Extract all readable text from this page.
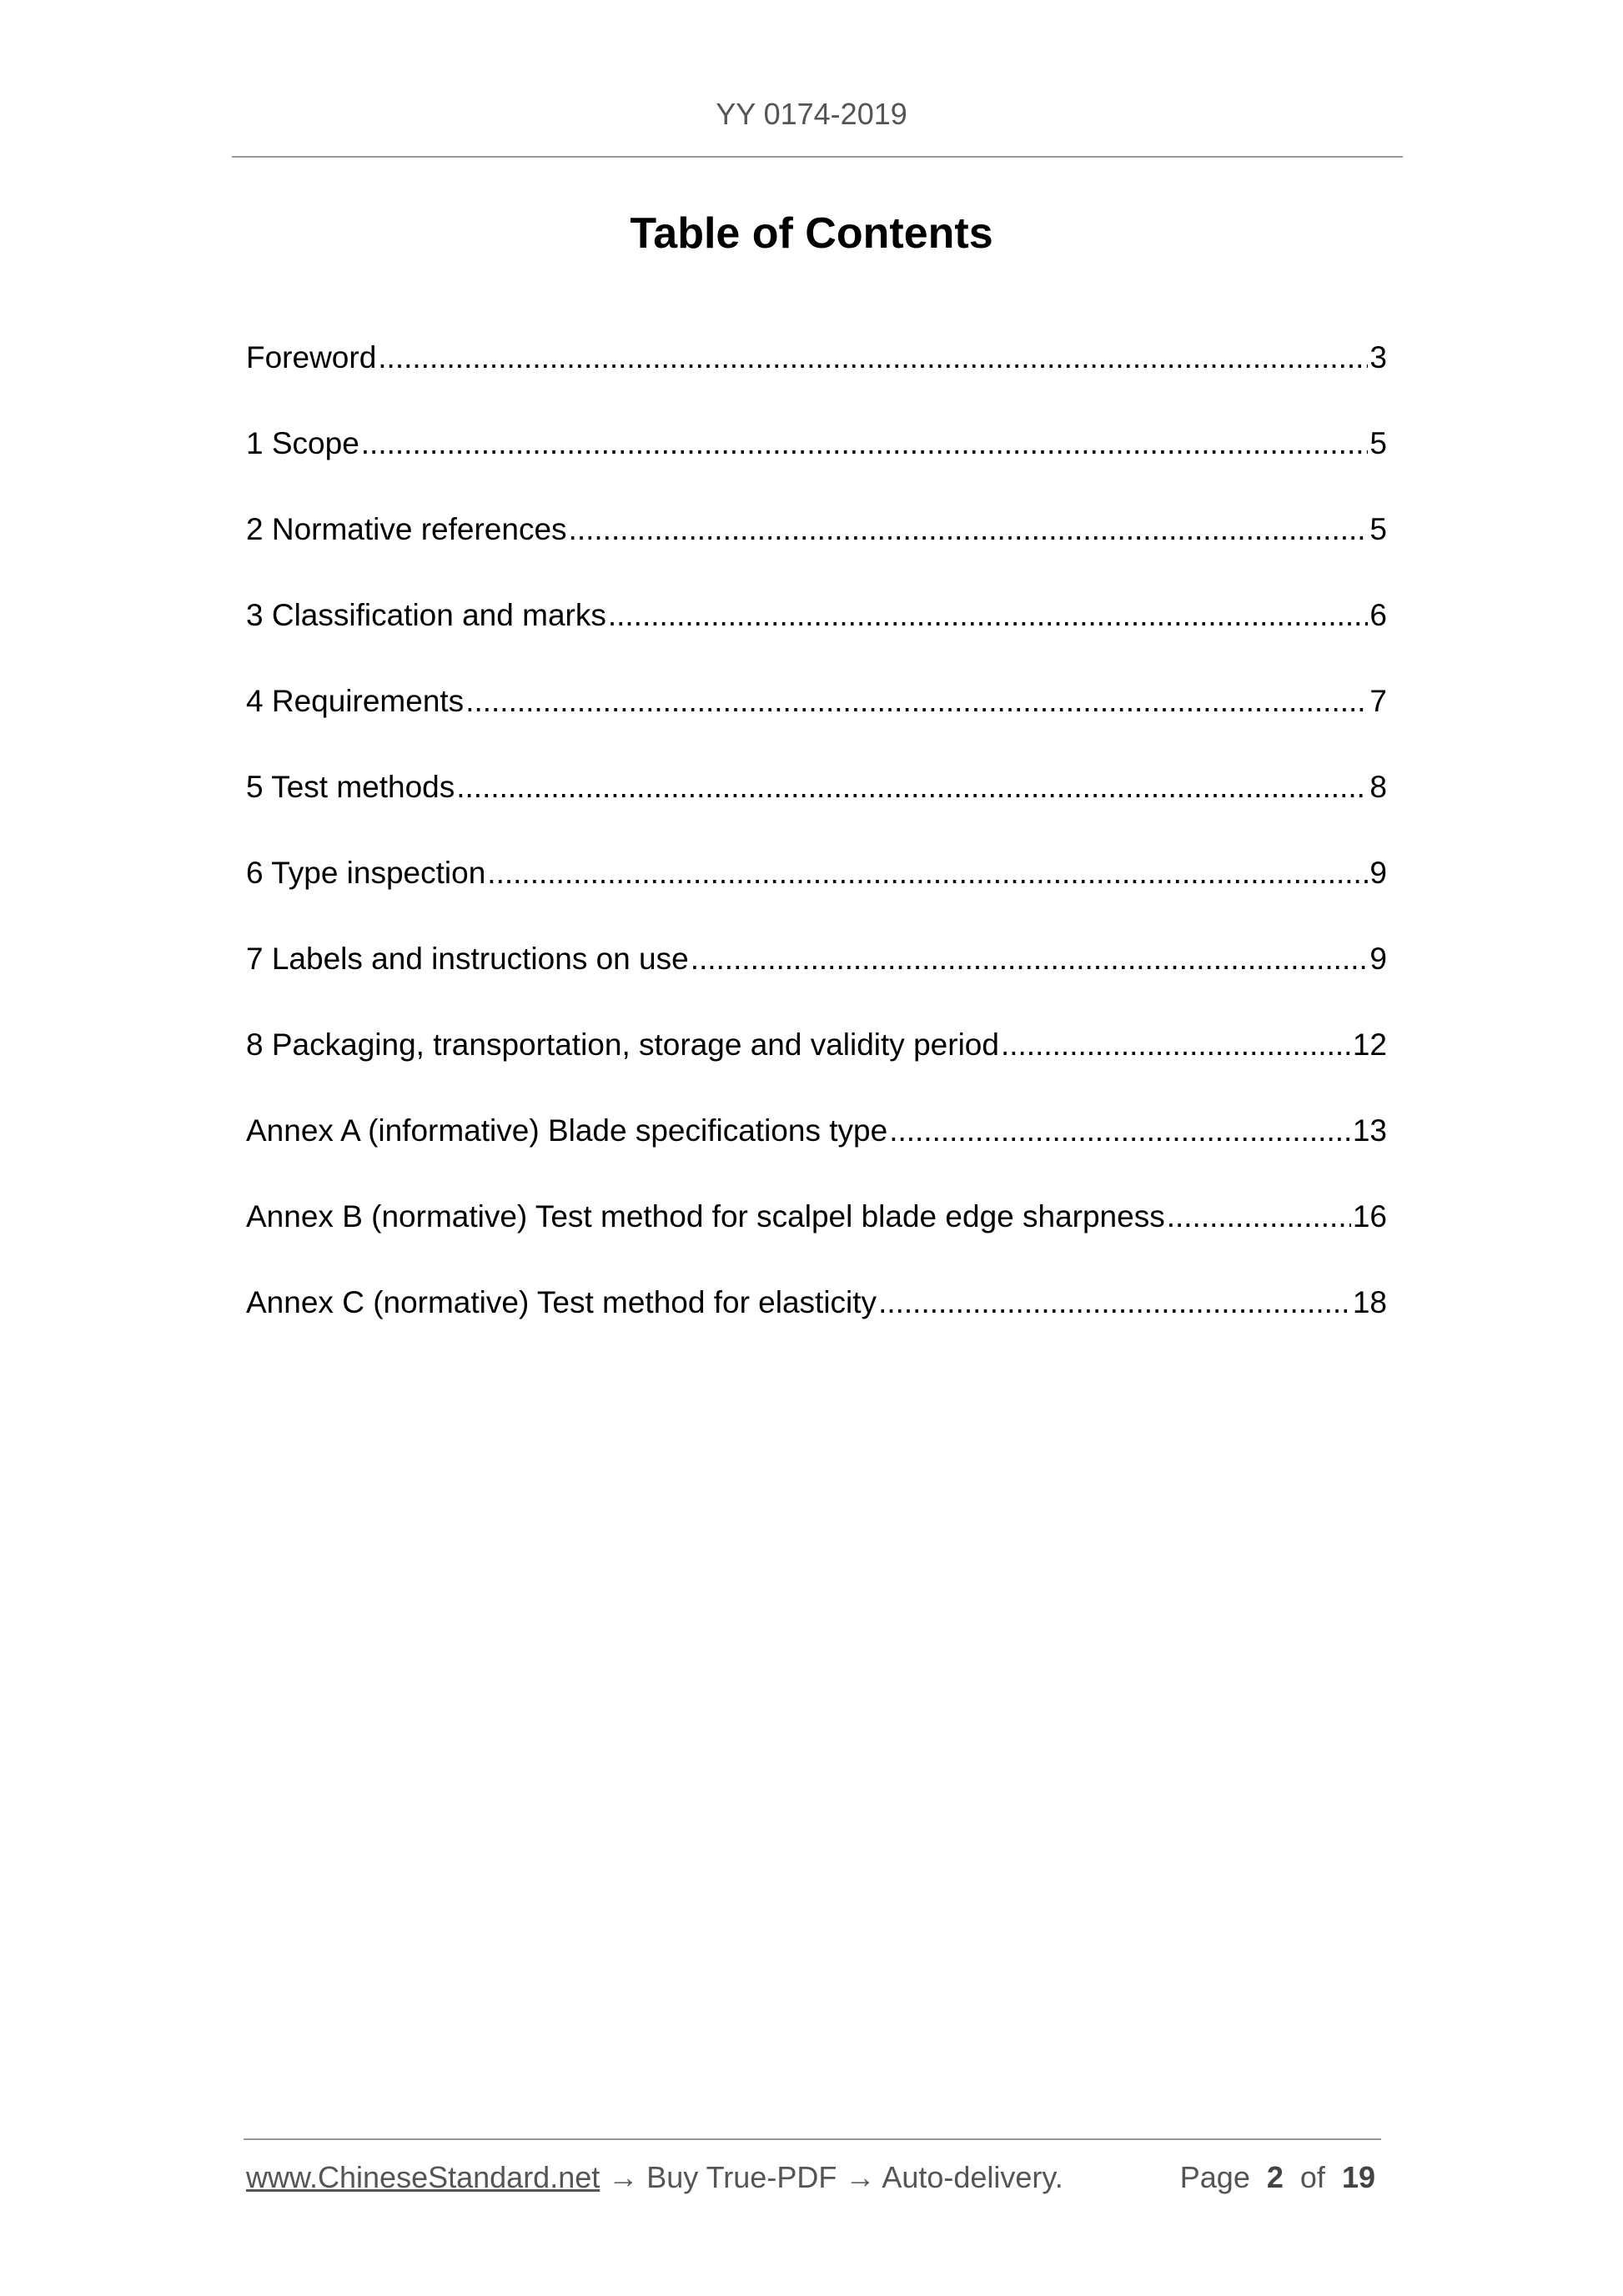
YY 0174-2019
Table of Contents
Foreword .....	3
1 Scope .....	5
2 Normative references .....	5
3 Classification and marks .....	6
4 Requirements .....	7
5 Test methods .....	8
6 Type inspection .....	9
7 Labels and instructions on use .....	9
8 Packaging, transportation, storage and validity period .....	12
Annex A (informative) Blade specifications type .....	13
Annex B (normative) Test method for scalpel blade edge sharpness .....	16
Annex C (normative) Test method for elasticity .....	18
www.ChineseStandard.net → Buy True-PDF → Auto-delivery.	Page 2 of 19
